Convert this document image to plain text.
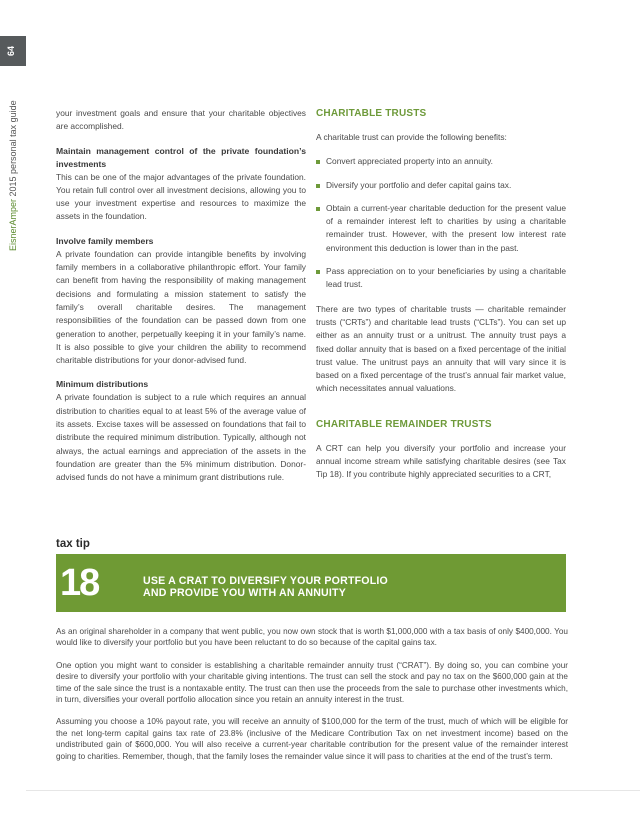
64
EisnerAmper 2015 personal tax guide	your investment goals and ensure that your charitable objectives are accomplished.

Maintain management control of the private foundation’s investments

This can be one of the major advantages of the private foundation. You retain full control over all investment decisions, allowing you to use your investment expertise and resources to maximize the assets in the foundation.

Involve family members

A private foundation can provide intangible benefits by involving family members in a collaborative philanthropic effort. Your family can benefit from having the responsibility of making management decisions and formulating a mission statement to satisfy the family’s overall charitable desires. The management responsibilities of the foundation can be passed down from one generation to another, perpetually keeping it in your family’s name. It is also possible to give your children the ability to recommend charitable distributions for your donor-advised fund.

Minimum distributions

A private foundation is subject to a rule which requires an annual distribution to charities equal to at least 5% of the average value of its assets. Excise taxes will be assessed on foundations that fail to distribute the required minimum distribution. Typically, although not always, the actual earnings and appreciation of the assets in the foundation are greater than the 5% minimum distribution. Donor-advised funds do not have a minimum grant distributions rule.

CHARITABLE TRUSTS

A charitable trust can provide the following benefits:

Convert appreciated property into an annuity.
Diversify your portfolio and defer capital gains tax.
Obtain a current-year charitable deduction for the present value of a remainder interest left to charities by using a charitable remainder trust. However, with the present low interest rate environment this deduction is lower than in the past.
Pass appreciation on to your beneficiaries by using a charitable lead trust.

There are two types of charitable trusts — charitable remainder trusts (“CRTs”) and charitable lead trusts (“CLTs”). You can set up either as an annuity trust or a unitrust. The annuity trust pays a fixed dollar annuity that is based on a fixed percentage of the initial trust value. The unitrust pays an annuity that will vary since it is based on a fixed percentage of the trust’s annual fair market value, which necessitates annual valuations.

CHARITABLE REMAINDER TRUSTS

A CRT can help you diversify your portfolio and increase your annual income stream while satisfying charitable desires (see Tax Tip 18). If you contribute highly appreciated securities to a CRT,

tax tip
18	USE A CRAT TO DIVERSIFY YOUR PORTFOLIO
AND PROVIDE YOU WITH AN ANNUITY

As an original shareholder in a company that went public, you now own stock that is worth $1,000,000 with a tax basis of only $400,000. You would like to diversify your portfolio but you have been reluctant to do so because of the capital gains tax.

One option you might want to consider is establishing a charitable remainder annuity trust (“CRAT”). By doing so, you can combine your desire to diversify your portfolio with your charitable giving intentions. The trust can sell the stock and pay no tax on the $600,000 gain at the time of the sale since the trust is a nontaxable entity. The trust can then use the proceeds from the sale to purchase other investments which, in turn, diversifies your overall portfolio allocation since you retain an annuity interest in the trust.

Assuming you choose a 10% payout rate, you will receive an annuity of $100,000 for the term of the trust, much of which will be eligible for the net long-term capital gains tax rate of 23.8% (inclusive of the Medicare Contribution Tax on net investment income) based on the undistributed gain of $600,000. You will also receive a current-year charitable contribution for the present value of the remainder interest going to charities. Remember, though, that the family loses the remainder value since it will pass to charities at the end of the trust’s term.
